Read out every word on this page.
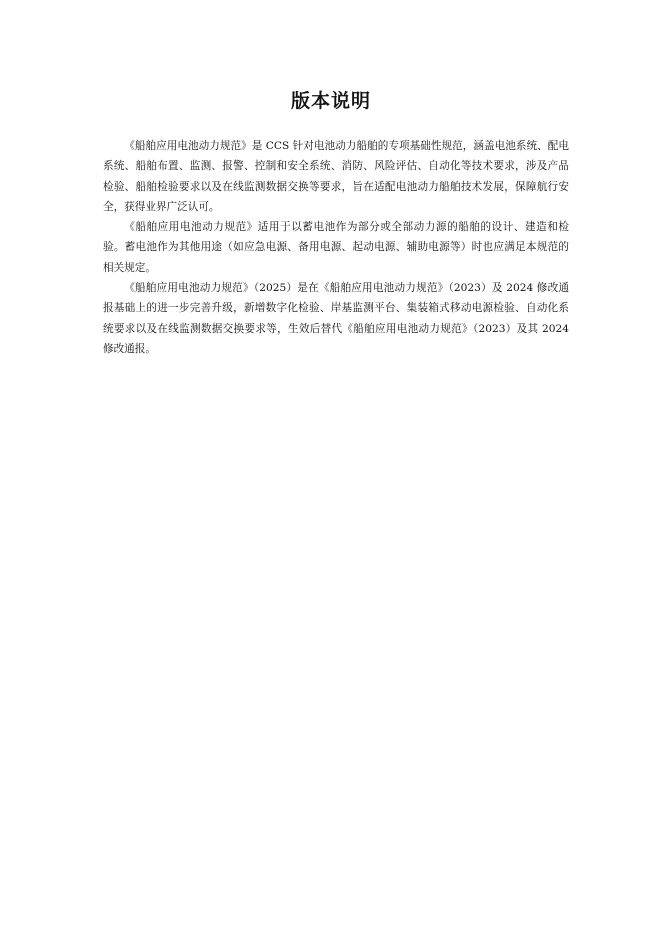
版本说明

《船舶应用电池动力规范》是 CCS 针对电池动力船舶的专项基础性规范，涵盖电池系统、配电系统、船舶布置、监测、报警、控制和安全系统、消防、风险评估、自动化等技术要求，涉及产品检验、船舶检验要求以及在线监测数据交换等要求，旨在适配电池动力船舶技术发展，保障航行安全，获得业界广泛认可。

《船舶应用电池动力规范》适用于以蓄电池作为部分或全部动力源的船舶的设计、建造和检验。蓄电池作为其他用途（如应急电源、备用电源、起动电源、辅助电源等）时也应满足本规范的相关规定。

《船舶应用电池动力规范》（2025）是在《船舶应用电池动力规范》（2023）及 2024 修改通报基础上的进一步完善升级，新增数字化检验、岸基监测平台、集装箱式移动电源检验、自动化系统要求以及在线监测数据交换要求等，生效后替代《船舶应用电池动力规范》（2023）及其 2024 修改通报。
